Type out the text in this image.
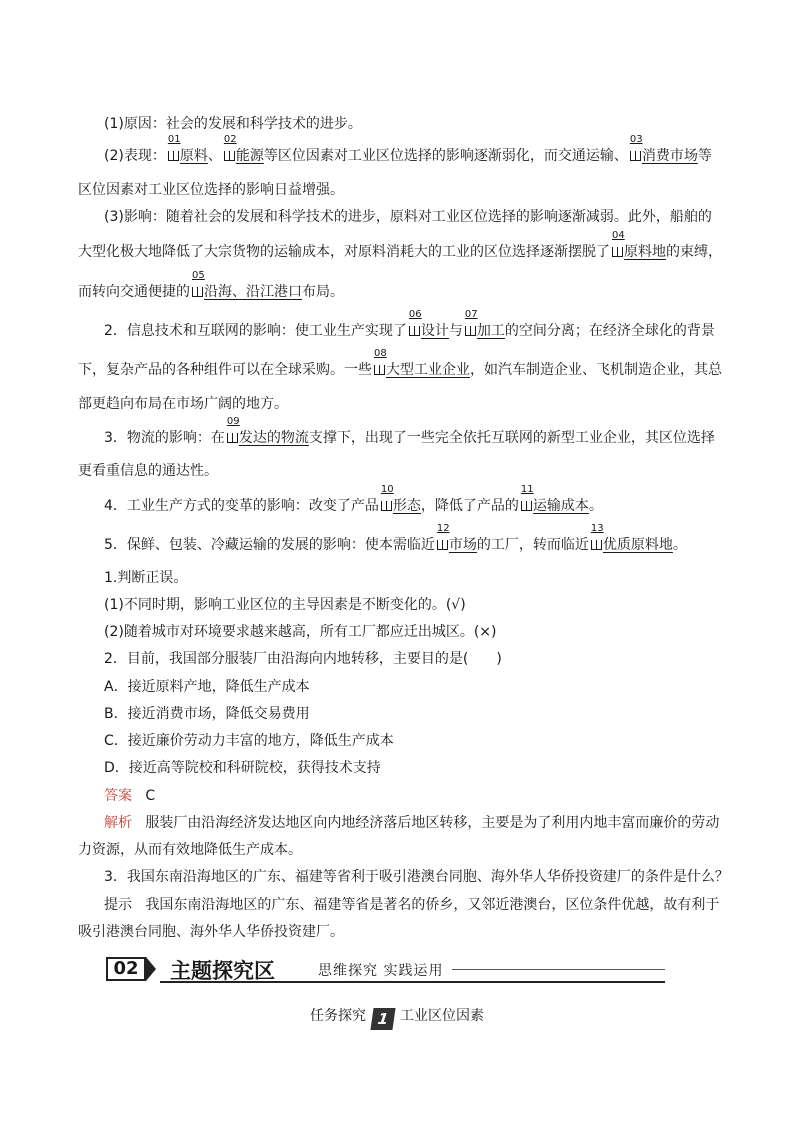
(1)原因：社会的发展和科学技术的进步。
(2)表现：
01
原料、
02
能源等区位因素对工业区位选择的影响逐渐弱化，而交通运输、
03
消费市场等
区位因素对工业区位选择的影响日益增强。
(3)影响：随着社会的发展和科学技术的进步，原料对工业区位选择的影响逐渐减弱。此外，船舶的
大型化极大地降低了大宗货物的运输成本，对原料消耗大的工业的区位选择逐渐摆脱了
04
原料地的束缚，
而转向交通便捷的
05
沿海、沿江港口布局。
2．信息技术和互联网的影响：使工业生产实现了
06
设计与
07
加工的空间分离；在经济全球化的背景
下，复杂产品的各种组件可以在全球采购。一些
08
大型工业企业，如汽车制造企业、飞机制造企业，其总
部更趋向布局在市场广阔的地方。
3．物流的影响：在
09
发达的物流支撑下，出现了一些完全依托互联网的新型工业企业，其区位选择
更看重信息的通达性。
4．工业生产方式的变革的影响：改变了产品
10
形态，降低了产品的
11
运输成本。
5．保鲜、包装、冷藏运输的发展的影响：使本需临近
12
市场的工厂，转而临近
13
优质原料地。
1.判断正误。
(1)不同时期，影响工业区位的主导因素是不断变化的。(√)
(2)随着城市对环境要求越来越高，所有工厂都应迁出城区。(×)
2．目前，我国部分服装厂由沿海向内地转移，主要目的是(　　)
A．接近原料产地，降低生产成本
B．接近消费市场，降低交易费用
C．接近廉价劳动力丰富的地方，降低生产成本
D．接近高等院校和科研院校，获得技术支持
答案 C
解析 服装厂由沿海经济发达地区向内地经济落后地区转移，主要是为了利用内地丰富而廉价的劳动
力资源，从而有效地降低生产成本。
3．我国东南沿海地区的广东、福建等省利于吸引港澳台同胞、海外华人华侨投资建厂的条件是什么？
提示 我国东南沿海地区的广东、福建等省是著名的侨乡，又邻近港澳台，区位条件优越，故有利于
吸引港澳台同胞、海外华人华侨投资建厂。
02	主题探究区	思维探究 实践运用
任务探究 1 工业区位因素
